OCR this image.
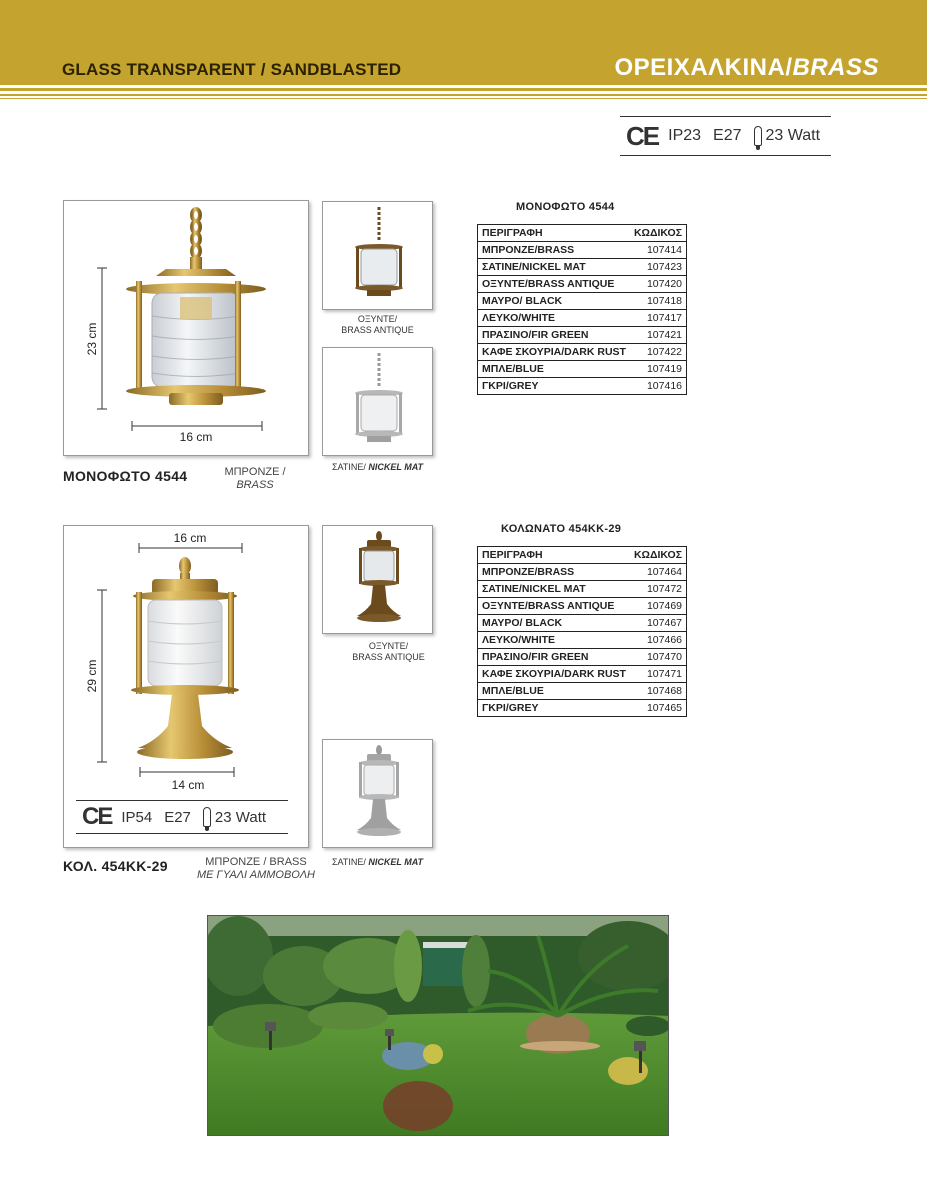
GLASS TRANSPARENT / SANDBLASTED	ΟΡΕΙΧΑΛΚΙΝΑ/BRASS
CE IP23 E27 23 Watt
23 cm
16 cm
ΜΟΝΟΦΩΤΟ 4544	ΜΠΡΟΝΖΕ /
BRASS
ΟΞΥΝΤΕ/
BRASS ANTIQUE
ΣΑΤΙΝΕ/ NICKEL MAT
ΜΟΝΟΦΩΤΟ 4544
ΠΕΡΙΓΡΑΦΗ	ΚΩΔΙΚΟΣ
ΜΠΡΟΝΖΕ/BRASS	107414
ΣΑΤΙΝΕ/NICKEL MAT	107423
ΟΞΥΝΤΕ/BRASS ANTIQUE	107420
ΜΑΥΡΟ/ BLACK	107418
ΛΕΥΚΟ/WHITE	107417
ΠΡΑΣΙΝΟ/FIR GREEN	107421
ΚΑΦΕ ΣΚΟΥΡΙΑ/DARK RUST	107422
ΜΠΛΕ/BLUE	107419
ΓΚΡΙ/GREY	107416
29 cm
16 cm
14 cm
CE IP54 E27 23 Watt
ΚΟΛ. 454ΚΚ-29	ΜΠΡΟΝΖΕ / BRASS
ΜΕ ΓΥΑΛΙ ΑΜΜΟΒΟΛΗ
ΟΞΥΝΤΕ/
BRASS ANTIQUE
ΣΑΤΙΝΕ/ NICKEL MAT
ΚΟΛΩΝΑΤΟ 454ΚΚ-29
ΠΕΡΙΓΡΑΦΗ	ΚΩΔΙΚΟΣ
ΜΠΡΟΝΖΕ/BRASS	107464
ΣΑΤΙΝΕ/NICKEL MAT	107472
ΟΞΥΝΤΕ/BRASS ANTIQUE	107469
ΜΑΥΡΟ/ BLACK	107467
ΛΕΥΚΟ/WHITE	107466
ΠΡΑΣΙΝΟ/FIR GREEN	107470
ΚΑΦΕ ΣΚΟΥΡΙΑ/DARK RUST	107471
ΜΠΛΕ/BLUE	107468
ΓΚΡΙ/GREY	107465
